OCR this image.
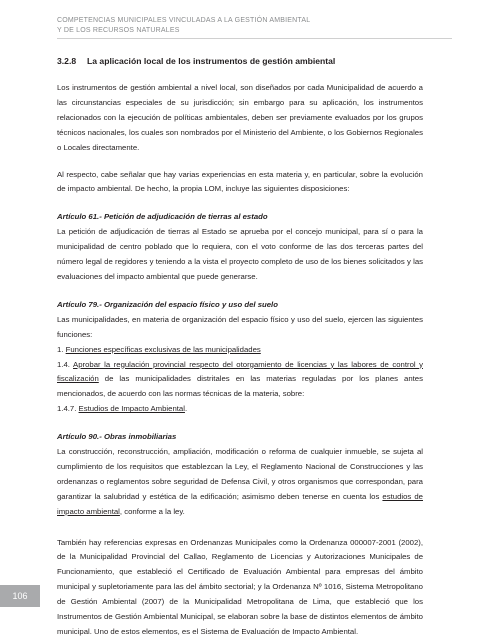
COMPETENCIAS MUNICIPALES VINCULADAS A LA GESTIÓN AMBIENTAL
Y DE LOS RECURSOS NATURALES
3.2.8 La aplicación local de los instrumentos de gestión ambiental

Los instrumentos de gestión ambiental a nivel local, son diseñados por cada Municipalidad de acuerdo a las circunstancias especiales de su jurisdicción; sin embargo para su aplicación, los instrumentos relacionados con la ejecución de políticas ambientales, deben ser previamente evaluados por los grupos técnicos nacionales, los cuales son nombrados por el Ministerio del Ambiente, o los Gobiernos Regionales o Locales directamente.

Al respecto, cabe señalar que hay varias experiencias en esta materia y, en particular, sobre la evolución de impacto ambiental. De hecho, la propia LOM, incluye las siguientes disposiciones:

Artículo 61.- Petición de adjudicación de tierras al estado

La petición de adjudicación de tierras al Estado se aprueba por el concejo municipal, para sí o para la municipalidad de centro poblado que lo requiera, con el voto conforme de las dos terceras partes del número legal de regidores y teniendo a la vista el proyecto completo de uso de los bienes solicitados y las evaluaciones del impacto ambiental que puede generarse.

Artículo 79.- Organización del espacio físico y uso del suelo

Las municipalidades, en materia de organización del espacio físico y uso del suelo, ejercen las siguientes funciones:

1. Funciones específicas exclusivas de las municipalidades

1.4. Aprobar la regulación provincial respecto del otorgamiento de licencias y las labores de control y fiscalización de las municipalidades distritales en las materias reguladas por los planes antes mencionados, de acuerdo con las normas técnicas de la materia, sobre:

1.4.7. Estudios de Impacto Ambiental.

Artículo 90.- Obras inmobiliarias

La construcción, reconstrucción, ampliación, modificación o reforma de cualquier inmueble, se sujeta al cumplimiento de los requisitos que establezcan la Ley, el Reglamento Nacional de Construcciones y las ordenanzas o reglamentos sobre seguridad de Defensa Civil, y otros organismos que correspondan, para garantizar la salubridad y estética de la edificación; asimismo deben tenerse en cuenta los estudios de impacto ambiental, conforme a la ley.

También hay referencias expresas en Ordenanzas Municipales como la Ordenanza 000007-2001 (2002), de la Municipalidad Provincial del Callao, Reglamento de Licencias y Autorizaciones Municipales de Funcionamiento, que estableció el Certificado de Evaluación Ambiental para empresas del ámbito municipal y supletoriamente para las del ámbito sectorial; y la Ordenanza Nº 1016, Sistema Metropolitano de Gestión Ambiental (2007) de la Municipalidad Metropolitana de Lima, que estableció que los Instrumentos de Gestión Ambiental Municipal, se elaboran sobre la base de distintos elementos de ámbito municipal. Uno de estos elementos, es el Sistema de Evaluación de Impacto Ambiental.

106
